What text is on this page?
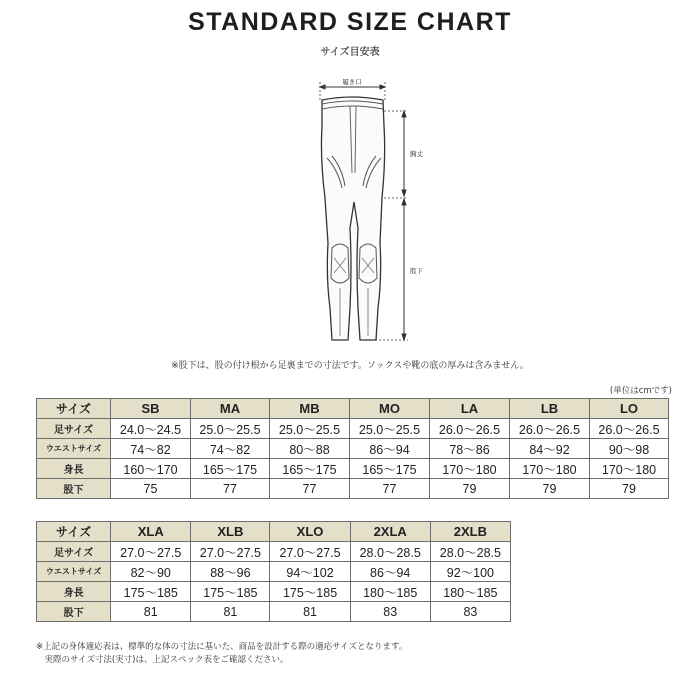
STANDARD SIZE CHART
サイズ目安表
履き口
胸丈
股下
※股下は、股の付け根から足裏までの寸法です。ソックスや靴の底の厚みは含みません。
(単位はcmです)
サイズ	SB	MA	MB	MO	LA	LB	LO
足サイズ	24.0～24.5	25.0～25.5	25.0～25.5	25.0～25.5	26.0～26.5	26.0～26.5	26.0～26.5
ウエストサイズ	74～82	74～82	80～88	86～94	78～86	84～92	90～98
身長	160～170	165～175	165～175	165～175	170～180	170～180	170～180
股下	75	77	77	77	79	79	79
サイズ	XLA	XLB	XLO	2XLA	2XLB
足サイズ	27.0～27.5	27.0～27.5	27.0～27.5	28.0～28.5	28.0～28.5
ウエストサイズ	82～90	88～96	94～102	86～94	92～100
身長	175～185	175～185	175～185	180～185	180～185
股下	81	81	81	83	83
※上記の身体適応表は、標準的な体の寸法に基いた、商品を設計する際の適応サイズとなります。
　実際のサイズ寸法(実寸)は、上記スペック表をご確認ください。
